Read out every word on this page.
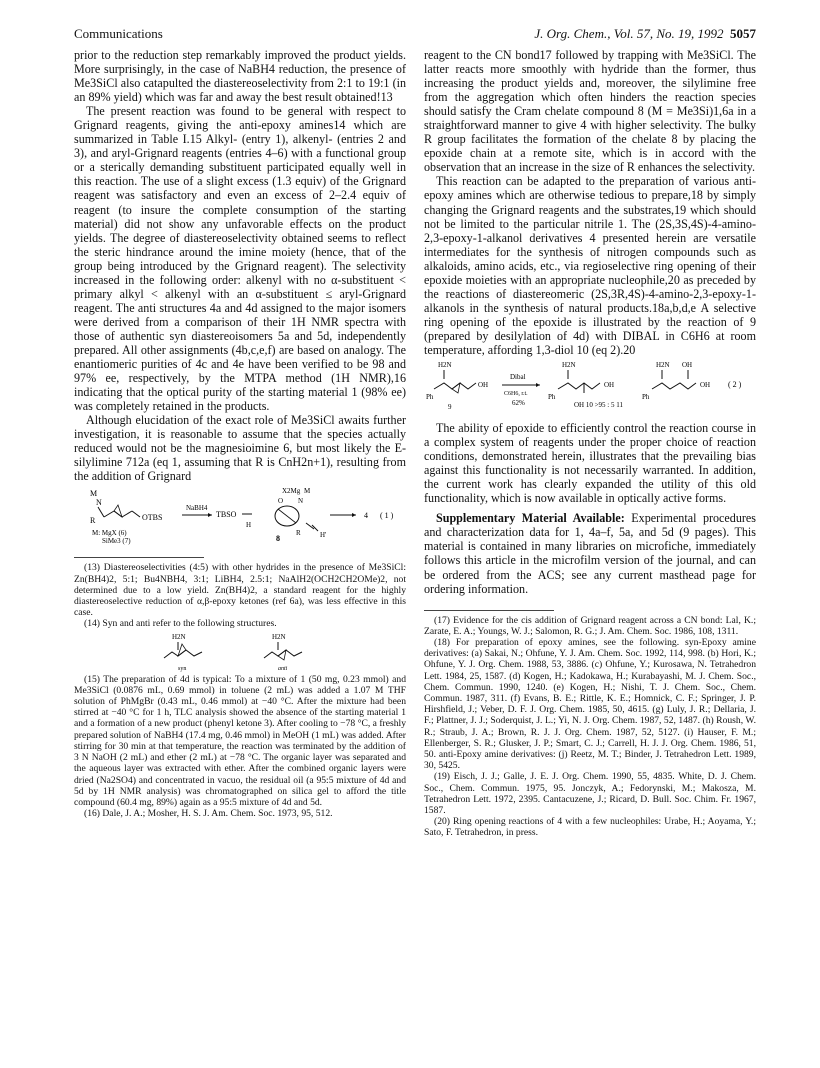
Communications	J. Org. Chem., Vol. 57, No. 19, 1992 5057

prior to the reduction step remarkably improved the product yields. More surprisingly, in the case of NaBH4 reduction, the presence of Me3SiCl also catapulted the diastereoselectivity from 2:1 to 19:1 (in an 89% yield) which was far and away the best result obtained!13

The present reaction was found to be general with respect to Grignard reagents, giving the anti-epoxy amines14 which are summarized in Table I.15 Alkyl- (entry 1), alkenyl- (entries 2 and 3), and aryl-Grignard reagents (entries 4–6) with a functional group or a sterically demanding substituent participated equally well in this reaction. The use of a slight excess (1.3 equiv) of the Grignard reagent was satisfactory and even an excess of 2–2.4 equiv of reagent (to insure the complete consumption of the starting material) did not show any unfavorable effects on the product yields. The degree of diastereoselectivity obtained seems to reflect the steric hindrance around the imine moiety (hence, that of the group being introduced by the Grignard reagent). The selectivity increased in the following order: alkenyl with no α-substituent < primary alkyl < alkenyl with an α-substituent ≤ aryl-Grignard reagent. The anti structures 4a and 4d assigned to the major isomers were derived from a comparison of their 1H NMR spectra with those of authentic syn diastereoisomers 5a and 5d, independently prepared. All other assignments (4b,c,e,f) are based on analogy. The enantiomeric purities of 4c and 4e have been verified to be 98 and 97% ee, respectively, by the MTPA method (1H NMR),16 indicating that the optical purity of the starting material 1 (98% ee) was completely retained in the products.

Although elucidation of the exact role of Me3SiCl awaits further investigation, it is reasonable to assume that the species actually reduced would not be the magnesioimine 6, but most likely the E-silylimine 712a (eq 1, assuming that R is CnH2n+1), resulting from the addition of Grignard

M
N
R	OTBS
M: MgX (6)
SiMe3 (7)
NaBH4
TBSO
H
X2Mg M
O N
8
R	H'
4 ( 1 )

(13) Diastereoselectivities (4:5) with other hydrides in the presence of Me3SiCl: Zn(BH4)2, 5:1; Bu4NBH4, 3:1; LiBH4, 2.5:1; NaAlH2(OCH2CH2OMe)2, not determined due to a low yield. Zn(BH4)2, a standard reagent for the highly diastereoselective reduction of α,β-epoxy ketones (ref 6a), was less effective in this case.

(14) Syn and anti refer to the following structures.

H2N
syn
H2N
anti

(15) The preparation of 4d is typical: To a mixture of 1 (50 mg, 0.23 mmol) and Me3SiCl (0.0876 mL, 0.69 mmol) in toluene (2 mL) was added a 1.07 M THF solution of PhMgBr (0.43 mL, 0.46 mmol) at −40 °C. After the mixture had been stirred at −40 °C for 1 h, TLC analysis showed the absence of the starting material 1 and a formation of a new product (phenyl ketone 3). After cooling to −78 °C, a freshly prepared solution of NaBH4 (17.4 mg, 0.46 mmol) in MeOH (1 mL) was added. After stirring for 30 min at that temperature, the reaction was terminated by the addition of 3 N NaOH (2 mL) and ether (2 mL) at −78 °C. The organic layer was separated and the aqueous layer was extracted with ether. After the combined organic layers were dried (Na2SO4) and concentrated in vacuo, the residual oil (a 95:5 mixture of 4d and 5d by 1H NMR analysis) was chromatographed on silica gel to afford the title compound (60.4 mg, 89%) again as a 95:5 mixture of 4d and 5d.

(16) Dale, J. A.; Mosher, H. S. J. Am. Chem. Soc. 1973, 95, 512.

reagent to the CN bond17 followed by trapping with Me3SiCl. The latter reacts more smoothly with hydride than the former, thus increasing the product yields and, moreover, the silylimine free from the aggregation which often hinders the reaction species should satisfy the Cram chelate compound 8 (M = Me3Si)1,6a in a straightforward manner to give 4 with higher selectivity. The bulky R group facilitates the formation of the chelate 8 by placing the epoxide chain at a remote site, which is in accord with the observation that an increase in the size of R enhances the selectivity.

This reaction can be adapted to the preparation of various anti-epoxy amines which are otherwise tedious to prepare,18 by simply changing the Grignard reagents and the substrates,19 which should not be limited to the particular nitrile 1. The (2S,3S,4S)-4-amino-2,3-epoxy-1-alkanol derivatives 4 presented herein are versatile intermediates for the synthesis of nitrogen compounds such as alkaloids, amino acids, etc., via regioselective ring opening of their epoxide moieties with an appropriate nucleophile,20 as preceded by the reactions of diastereomeric (2S,3R,4S)-4-amino-2,3-epoxy-1-alkanols in the synthesis of natural products.18a,b,d,e A selective ring opening of the epoxide is illustrated by the reaction of 9 (prepared by desilylation of 4d) with DIBAL in C6H6 at room temperature, affording 1,3-diol 10 (eq 2).20

H2N
Ph
OH
9
Dibal
C6H6, r.t.
62%
H2N
Ph
OH
OH 10 >95 : 5 11
H2N OH
Ph
OH ( 2 )

The ability of epoxide to efficiently control the reaction course in a complex system of reagents under the proper choice of reaction conditions, demonstrated herein, illustrates that the prevailing bias against this functionality is not necessarily warranted. In addition, the current work has clearly expanded the utility of this old functionality, which is now available in optically active forms.

Supplementary Material Available: Experimental procedures and characterization data for 1, 4a–f, 5a, and 5d (9 pages). This material is contained in many libraries on microfiche, immediately follows this article in the microfilm version of the journal, and can be ordered from the ACS; see any current masthead page for ordering information.

(17) Evidence for the cis addition of Grignard reagent across a CN bond: Lal, K.; Zarate, E. A.; Youngs, W. J.; Salomon, R. G.; J. Am. Chem. Soc. 1986, 108, 1311.

(18) For preparation of epoxy amines, see the following. syn-Epoxy amine derivatives: (a) Sakai, N.; Ohfune, Y. J. Am. Chem. Soc. 1992, 114, 998. (b) Hori, K.; Ohfune, Y. J. Org. Chem. 1988, 53, 3886. (c) Ohfune, Y.; Kurosawa, N. Tetrahedron Lett. 1984, 25, 1587. (d) Kogen, H.; Kadokawa, H.; Kurabayashi, M. J. Chem. Soc., Chem. Commun. 1990, 1240. (e) Kogen, H.; Nishi, T. J. Chem. Soc., Chem. Commun. 1987, 311. (f) Evans, B. E.; Rittle, K. E.; Homnick, C. F.; Springer, J. P. Hirshfield, J.; Veber, D. F. J. Org. Chem. 1985, 50, 4615. (g) Luly, J. R.; Dellaria, J. F.; Plattner, J. J.; Soderquist, J. L.; Yi, N. J. Org. Chem. 1987, 52, 1487. (h) Roush, W. R.; Straub, J. A.; Brown, R. J. J. Org. Chem. 1987, 52, 5127. (i) Hauser, F. M.; Ellenberger, S. R.; Glusker, J. P.; Smart, C. J.; Carrell, H. J. J. Org. Chem. 1986, 51, 50. anti-Epoxy amine derivatives: (j) Reetz, M. T.; Binder, J. Tetrahedron Lett. 1989, 30, 5425.

(19) Eisch, J. J.; Galle, J. E. J. Org. Chem. 1990, 55, 4835. White, D. J. Chem. Soc., Chem. Commun. 1975, 95. Jonczyk, A.; Fedorynski, M.; Makosza, M. Tetrahedron Lett. 1972, 2395. Cantacuzene, J.; Ricard, D. Bull. Soc. Chim. Fr. 1967, 1587.

(20) Ring opening reactions of 4 with a few nucleophiles: Urabe, H.; Aoyama, Y.; Sato, F. Tetrahedron, in press.
